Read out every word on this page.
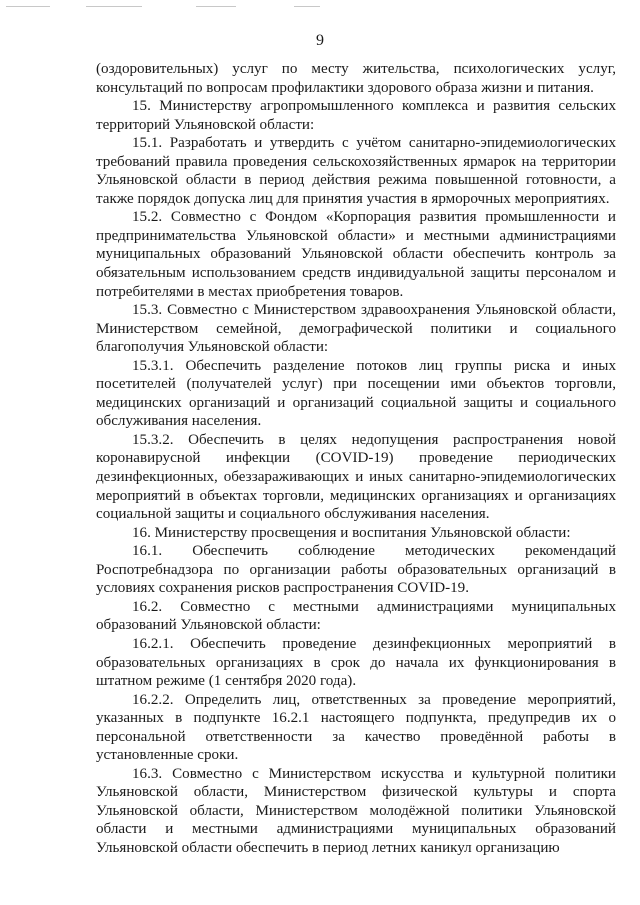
9

(оздоровительных) услуг по месту жительства, психологических услуг, консультаций по вопросам профилактики здорового образа жизни и питания.

15. Министерству агропромышленного комплекса и развития сельских территорий Ульяновской области:

15.1. Разработать и утвердить с учётом санитарно-эпидемиологических требований правила проведения сельскохозяйственных ярмарок на территории Ульяновской области в период действия режима повышенной готовности, а также порядок допуска лиц для принятия участия в ярморочных мероприятиях.

15.2. Совместно с Фондом «Корпорация развития промышленности и предпринимательства Ульяновской области» и местными администрациями муниципальных образований Ульяновской области обеспечить контроль за обязательным использованием средств индивидуальной защиты персоналом и потребителями в местах приобретения товаров.

15.3. Совместно с Министерством здравоохранения Ульяновской области, Министерством семейной, демографической политики и социального благополучия Ульяновской области:

15.3.1. Обеспечить разделение потоков лиц группы риска и иных посетителей (получателей услуг) при посещении ими объектов торговли, медицинских организаций и организаций социальной защиты и социального обслуживания населения.

15.3.2. Обеспечить в целях недопущения распространения новой коронавирусной инфекции (COVID-19) проведение периодических дезинфекционных, обеззараживающих и иных санитарно-эпидемиологических мероприятий в объектах торговли, медицинских организациях и организациях социальной защиты и социального обслуживания населения.

16. Министерству просвещения и воспитания Ульяновской области:

16.1. Обеспечить соблюдение методических рекомендаций Роспотребнадзора по организации работы образовательных организаций в условиях сохранения рисков распространения COVID-19.

16.2. Совместно с местными администрациями муниципальных образований Ульяновской области:

16.2.1. Обеспечить проведение дезинфекционных мероприятий в образовательных организациях в срок до начала их функционирования в штатном режиме (1 сентября 2020 года).

16.2.2. Определить лиц, ответственных за проведение мероприятий, указанных в подпункте 16.2.1 настоящего подпункта, предупредив их о персональной ответственности за качество проведённой работы в установленные сроки.

16.3. Совместно с Министерством искусства и культурной политики Ульяновской области, Министерством физической культуры и спорта Ульяновской области, Министерством молодёжной политики Ульяновской области и местными администрациями муниципальных образований Ульяновской области обеспечить в период летних каникул организацию
